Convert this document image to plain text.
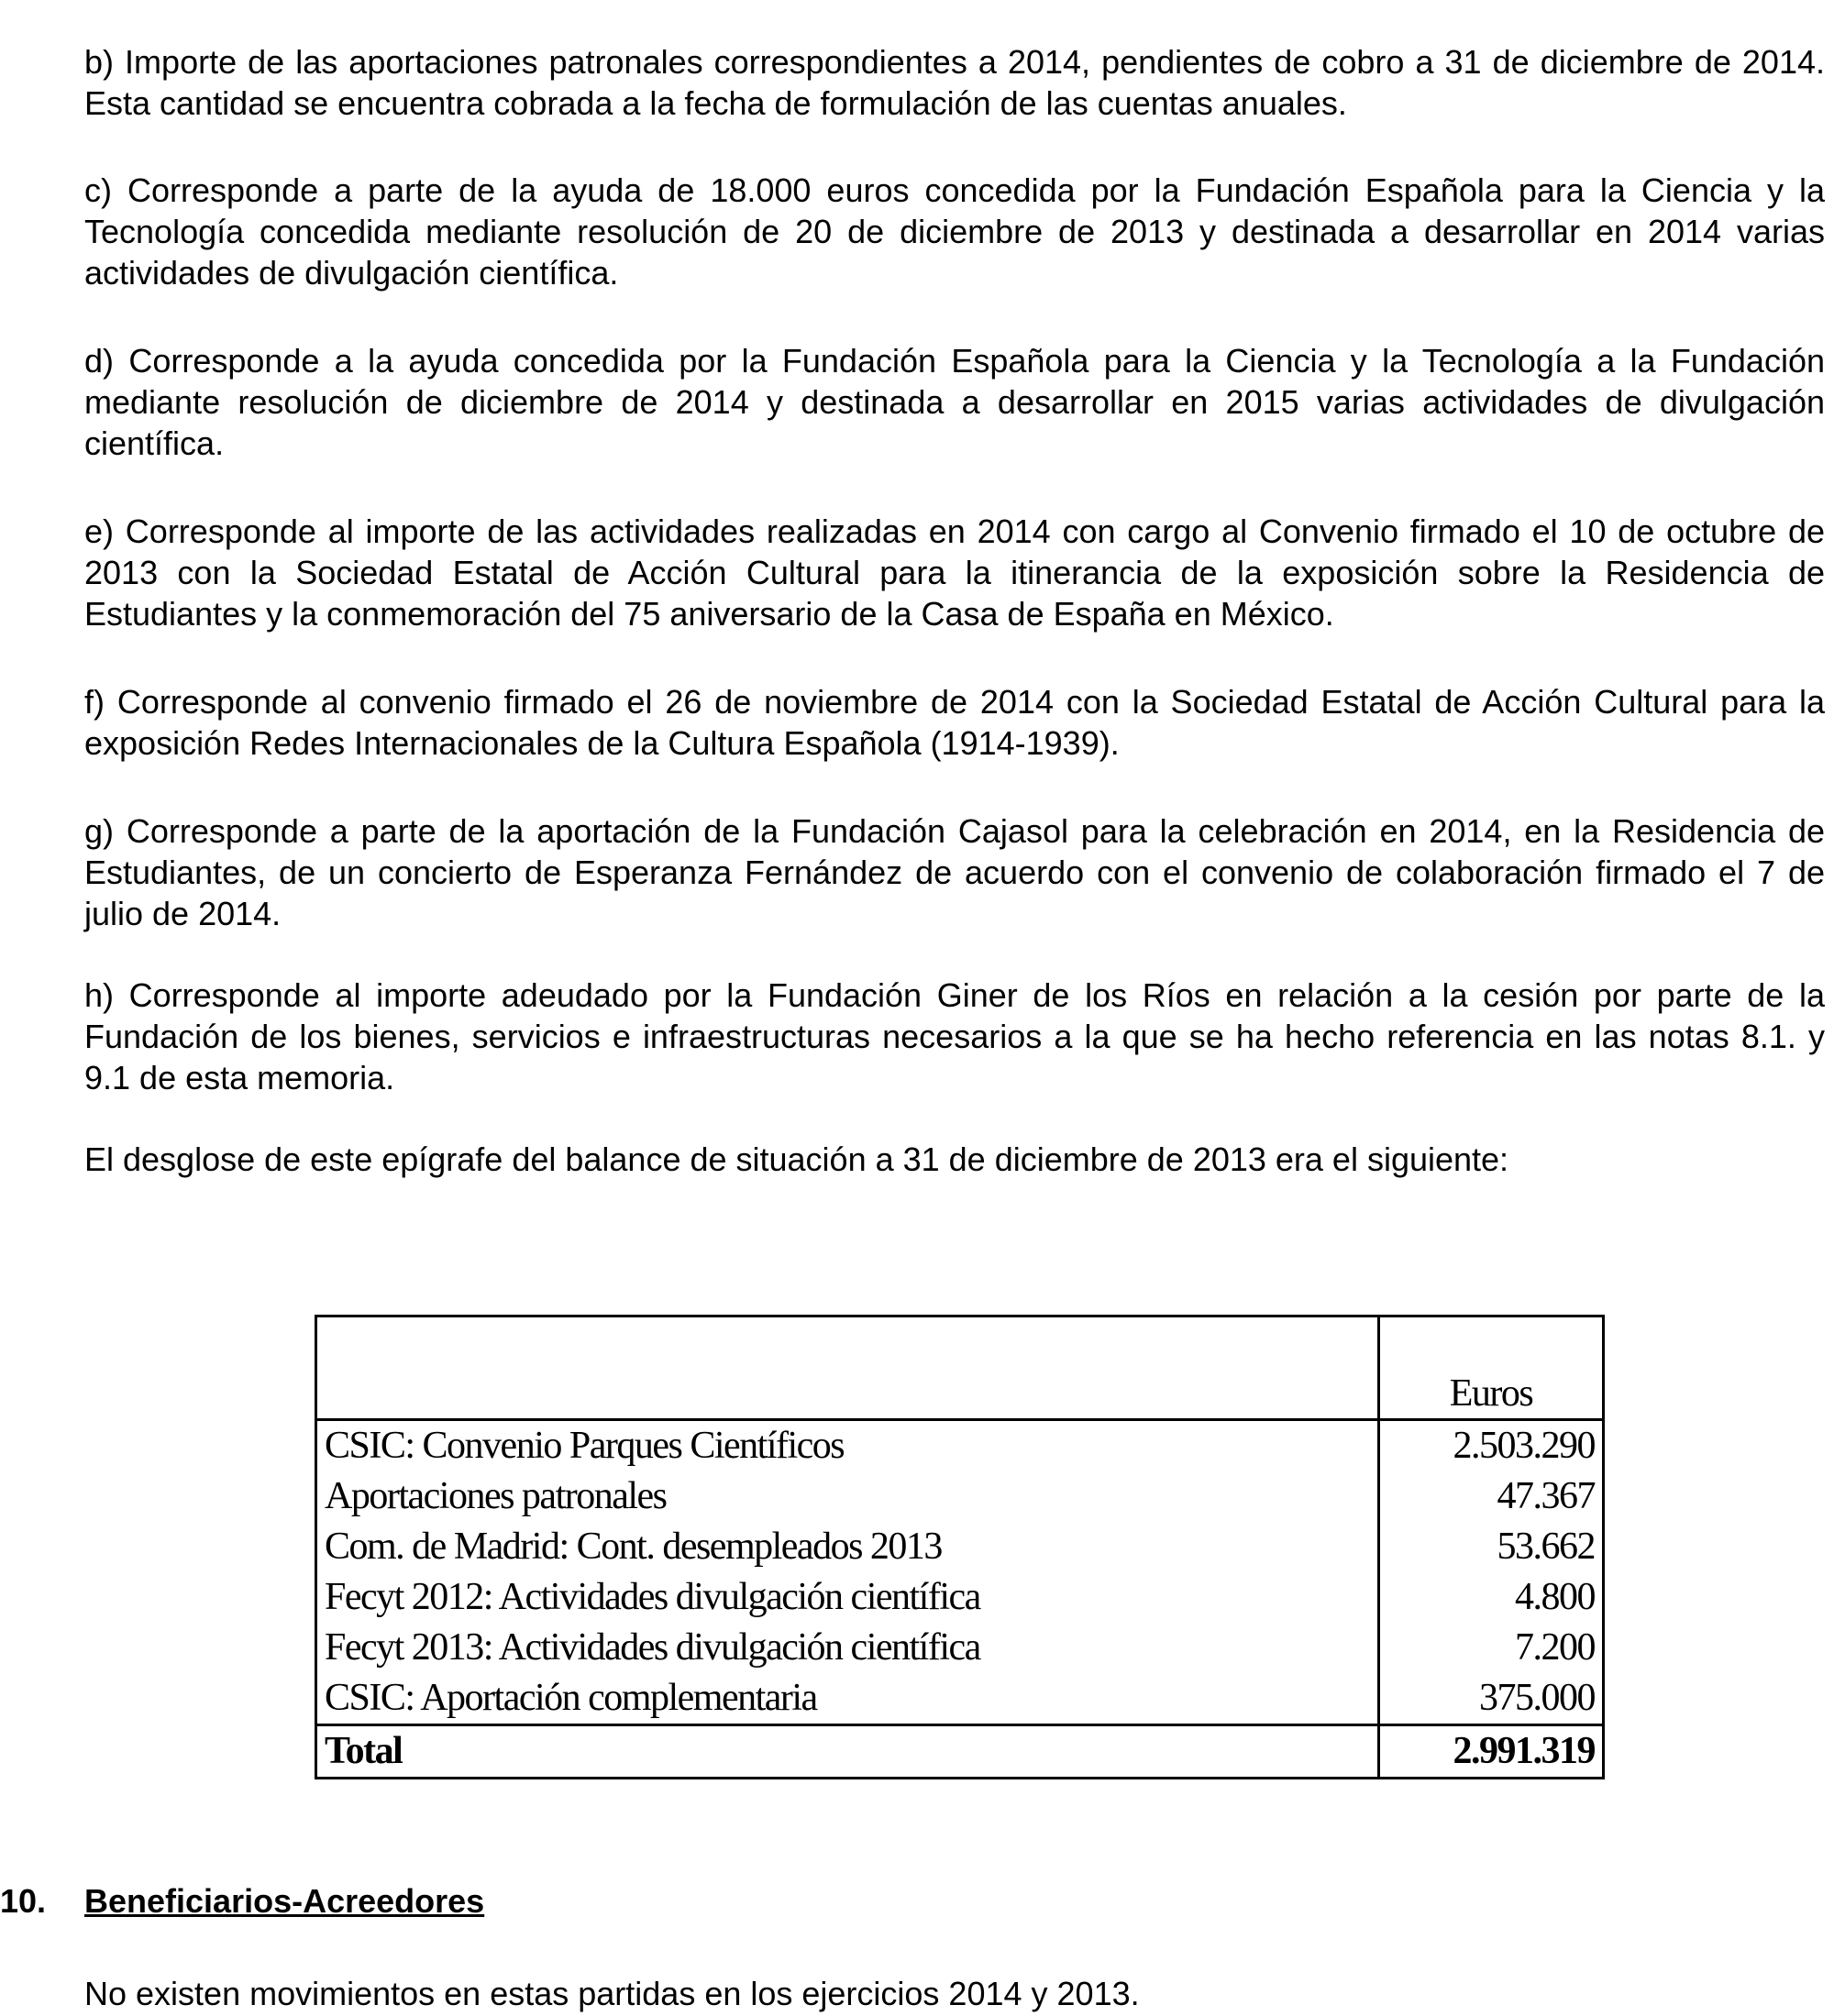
b) Importe de las aportaciones patronales correspondientes a 2014, pendientes de cobro a 31 de diciembre de 2014. Esta cantidad se encuentra cobrada a la fecha de formulación de las cuentas anuales.

c) Corresponde a parte de la ayuda de 18.000 euros concedida por la Fundación Española para la Ciencia y la Tecnología concedida mediante resolución de 20 de diciembre de 2013 y destinada a desarrollar en 2014 varias actividades de divulgación científica.

d) Corresponde a la ayuda concedida por la Fundación Española para la Ciencia y la Tecnología a la Fundación mediante resolución de diciembre de 2014 y destinada a desarrollar en 2015 varias actividades de divulgación científica.

e) Corresponde al importe de las actividades realizadas en 2014 con cargo al Convenio firmado el 10 de octubre de 2013 con la Sociedad Estatal de Acción Cultural para la itinerancia de la exposición sobre la Residencia de Estudiantes y la conmemoración del 75 aniversario de la Casa de España en México.

f) Corresponde al convenio firmado el 26 de noviembre de 2014 con la Sociedad Estatal de Acción Cultural para la exposición Redes Internacionales de la Cultura Española (1914-1939).

g) Corresponde a parte de la aportación de la Fundación Cajasol para la celebración en 2014, en la Residencia de Estudiantes, de un concierto de Esperanza Fernández de acuerdo con el convenio de colaboración firmado el 7 de julio de 2014.

h) Corresponde al importe adeudado por la Fundación Giner de los Ríos en relación a la cesión por parte de la Fundación de los bienes, servicios e infraestructuras necesarios a la que se ha hecho referencia en las notas 8.1. y 9.1 de esta memoria.

El desglose de este epígrafe del balance de situación a 31 de diciembre de 2013 era el siguiente:

	Euros
CSIC: Convenio Parques Científicos	2.503.290
Aportaciones patronales	47.367
Com. de Madrid: Cont. desempleados 2013	53.662
Fecyt 2012: Actividades divulgación científica	4.800
Fecyt 2013: Actividades divulgación científica	7.200
CSIC: Aportación complementaria	375.000
Total	2.991.319
10. Beneficiarios-Acreedores

No existen movimientos en estas partidas en los ejercicios 2014 y 2013.
